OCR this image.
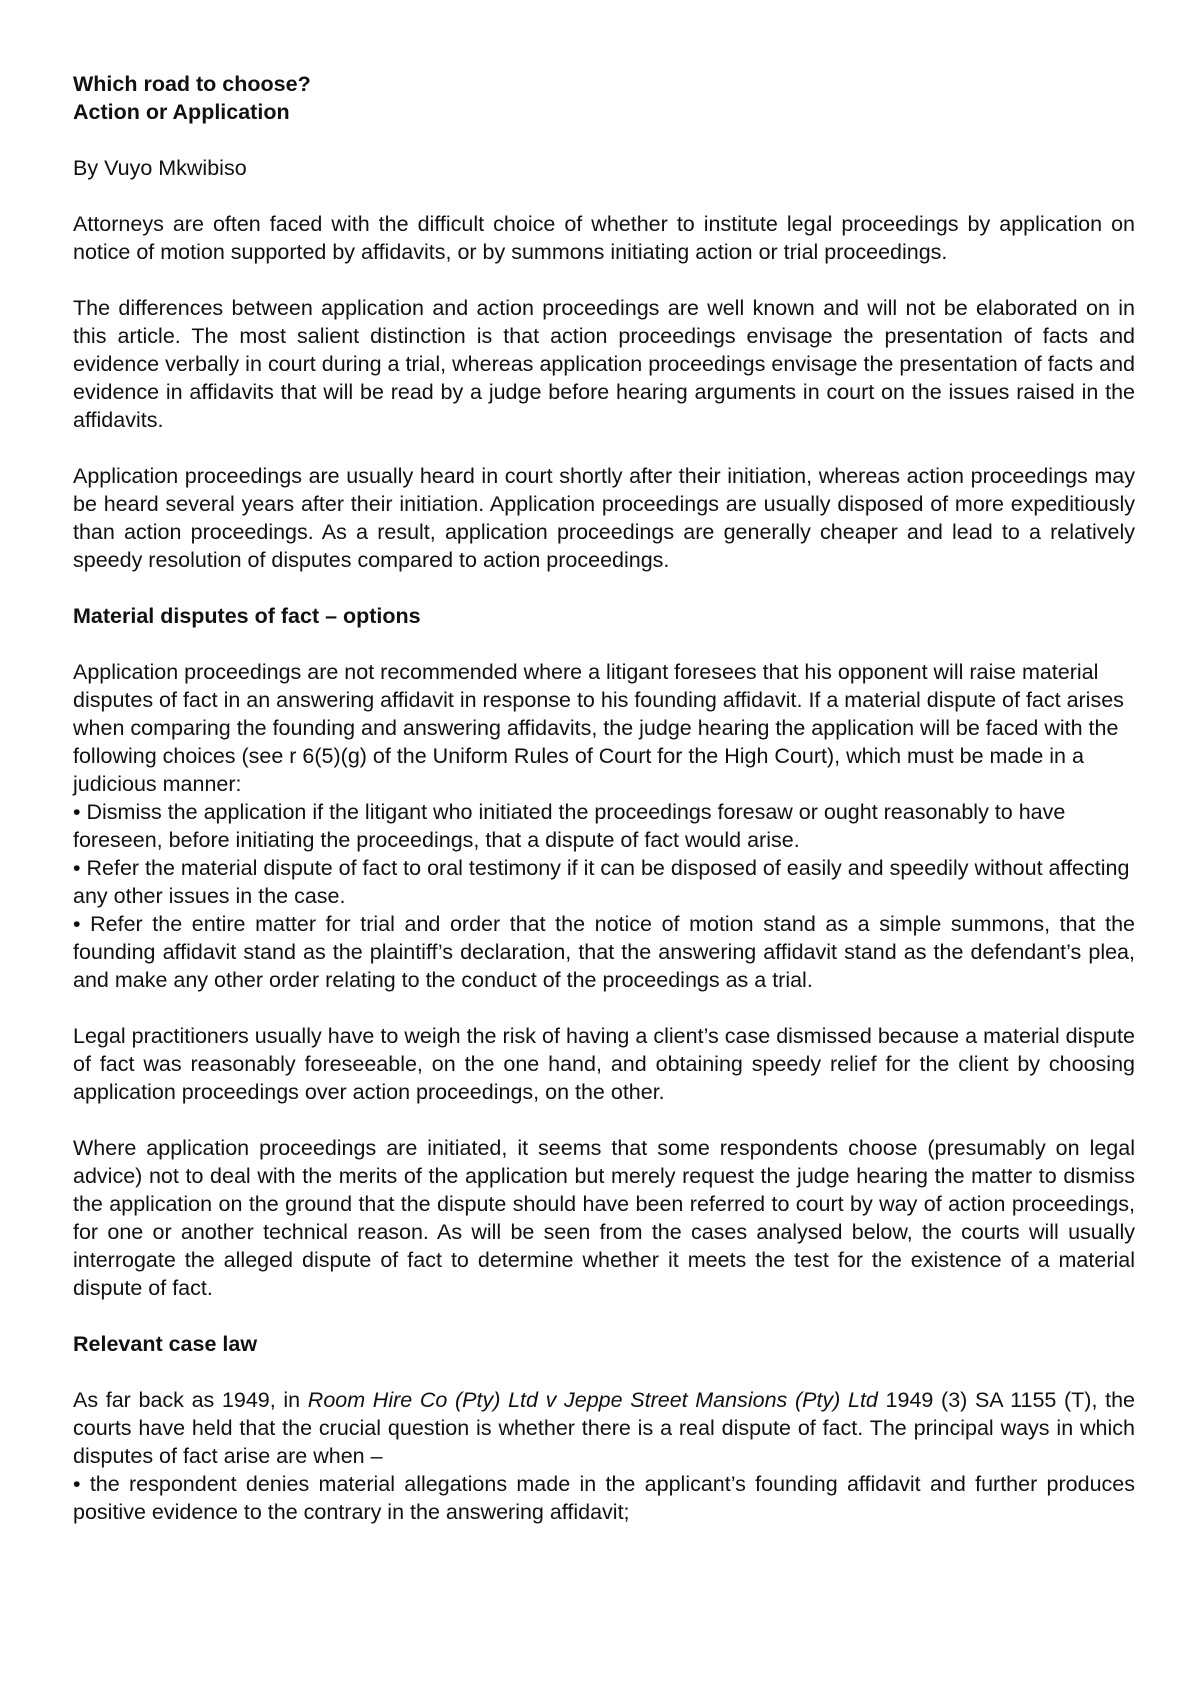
Which road to choose?
Action or Application
By Vuyo Mkwibiso

Attorneys are often faced with the difficult choice of whether to institute legal proceedings by application on notice of motion supported by affidavits, or by summons initiating action or trial proceedings.

The differences between application and action proceedings are well known and will not be elaborated on in this article. The most salient distinction is that action proceedings envisage the presentation of facts and evidence verbally in court during a trial, whereas application proceedings envisage the presentation of facts and evidence in affidavits that will be read by a judge before hearing arguments in court on the issues raised in the affidavits.

Application proceedings are usually heard in court shortly after their initiation, whereas action proceedings may be heard several years after their initiation. Application proceedings are usually disposed of more expeditiously than action proceedings. As a result, application proceedings are generally cheaper and lead to a relatively speedy resolution of disputes compared to action proceedings.

Material disputes of fact – options

Application proceedings are not recommended where a litigant foresees that his opponent will raise material disputes of fact in an answering affidavit in response to his founding affidavit. If a material dispute of fact arises when comparing the founding and answering affidavits, the judge hearing the application will be faced with the following choices (see r 6(5)(g) of the Uniform Rules of Court for the High Court), which must be made in a judicious manner:
• Dismiss the application if the litigant who initiated the proceedings foresaw or ought reasonably to have foreseen, before initiating the proceedings, that a dispute of fact would arise.
• Refer the material dispute of fact to oral testimony if it can be disposed of easily and speedily without affecting any other issues in the case.
• Refer the entire matter for trial and order that the notice of motion stand as a simple summons, that the founding affidavit stand as the plaintiff’s declaration, that the answering affidavit stand as the defendant’s plea, and make any other order relating to the conduct of the proceedings as a trial.

Legal practitioners usually have to weigh the risk of having a client’s case dismissed because a material dispute of fact was reasonably foreseeable, on the one hand, and obtaining speedy relief for the client by choosing application proceedings over action proceedings, on the other.

Where application proceedings are initiated, it seems that some respondents choose (presumably on legal advice) not to deal with the merits of the application but merely request the judge hearing the matter to dismiss the application on the ground that the dispute should have been referred to court by way of action proceedings, for one or another technical reason. As will be seen from the cases analysed below, the courts will usually interrogate the alleged dispute of fact to determine whether it meets the test for the existence of a material dispute of fact.

Relevant case law

As far back as 1949, in Room Hire Co (Pty) Ltd v Jeppe Street Mansions (Pty) Ltd 1949 (3) SA 1155 (T), the courts have held that the crucial question is whether there is a real dispute of fact. The principal ways in which disputes of fact arise are when –
• the respondent denies material allegations made in the applicant’s founding affidavit and further produces positive evidence to the contrary in the answering affidavit;
